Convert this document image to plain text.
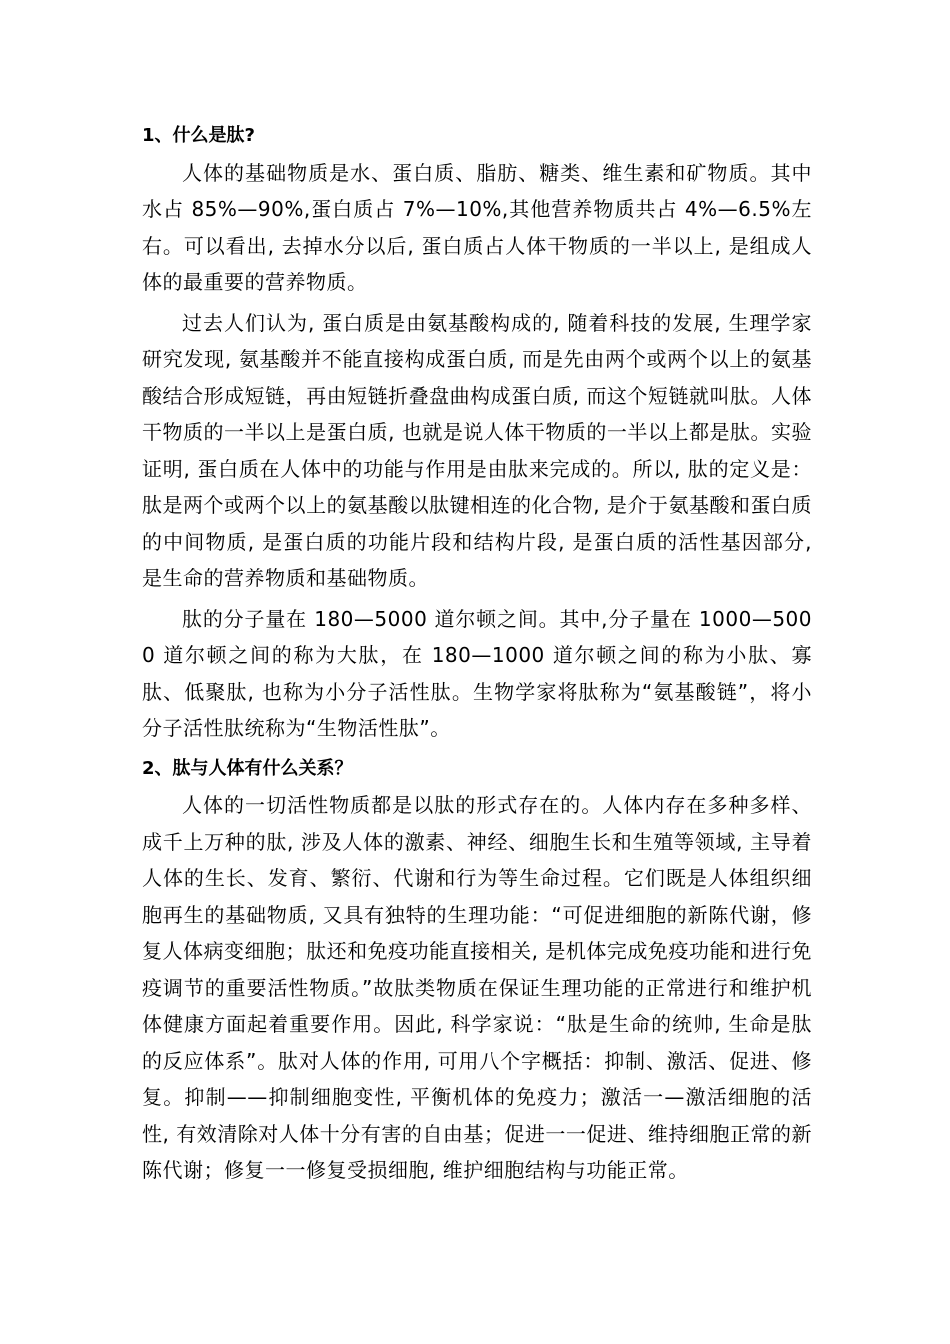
1、什么是肽?

人体的基础物质是水、蛋白质、脂肪、糖类、维生素和矿物质。其中水占 85%—90%,蛋白质占 7%—10%,其他营养物质共占 4%—6.5%左右。可以看出, 去掉水分以后, 蛋白质占人体干物质的一半以上, 是组成人体的最重要的营养物质。

过去人们认为, 蛋白质是由氨基酸构成的, 随着科技的发展, 生理学家研究发现, 氨基酸并不能直接构成蛋白质, 而是先由两个或两个以上的氨基酸结合形成短链，再由短链折叠盘曲构成蛋白质, 而这个短链就叫肽。人体干物质的一半以上是蛋白质, 也就是说人体干物质的一半以上都是肽。实验证明, 蛋白质在人体中的功能与作用是由肽来完成的。所以, 肽的定义是：肽是两个或两个以上的氨基酸以肽键相连的化合物, 是介于氨基酸和蛋白质的中间物质, 是蛋白质的功能片段和结构片段, 是蛋白质的活性基因部分, 是生命的营养物质和基础物质。

肽的分子量在 180—5000 道尔顿之间。其中,分子量在 1000—5000 道尔顿之间的称为大肽，在 180—1000 道尔顿之间的称为小肽、寡肽、低聚肽, 也称为小分子活性肽。生物学家将肽称为“氨基酸链”，将小分子活性肽统称为“生物活性肽”。

2、肽与人体有什么关系？

人体的一切活性物质都是以肽的形式存在的。人体内存在多种多样、成千上万种的肽, 涉及人体的激素、神经、细胞生长和生殖等领域, 主导着人体的生长、发育、繁衍、代谢和行为等生命过程。它们既是人体组织细胞再生的基础物质, 又具有独特的生理功能：“可促进细胞的新陈代谢，修复人体病变细胞；肽还和免疫功能直接相关, 是机体完成免疫功能和进行免疫调节的重要活性物质。”故肽类物质在保证生理功能的正常进行和维护机体健康方面起着重要作用。因此, 科学家说：“肽是生命的统帅, 生命是肽的反应体系”。肽对人体的作用, 可用八个字概括：抑制、激活、促进、修复。抑制——抑制细胞变性, 平衡机体的免疫力；激活一—激活细胞的活性, 有效清除对人体十分有害的自由基；促进一一促进、维持细胞正常的新陈代谢；修复一一修复受损细胞, 维护细胞结构与功能正常。
